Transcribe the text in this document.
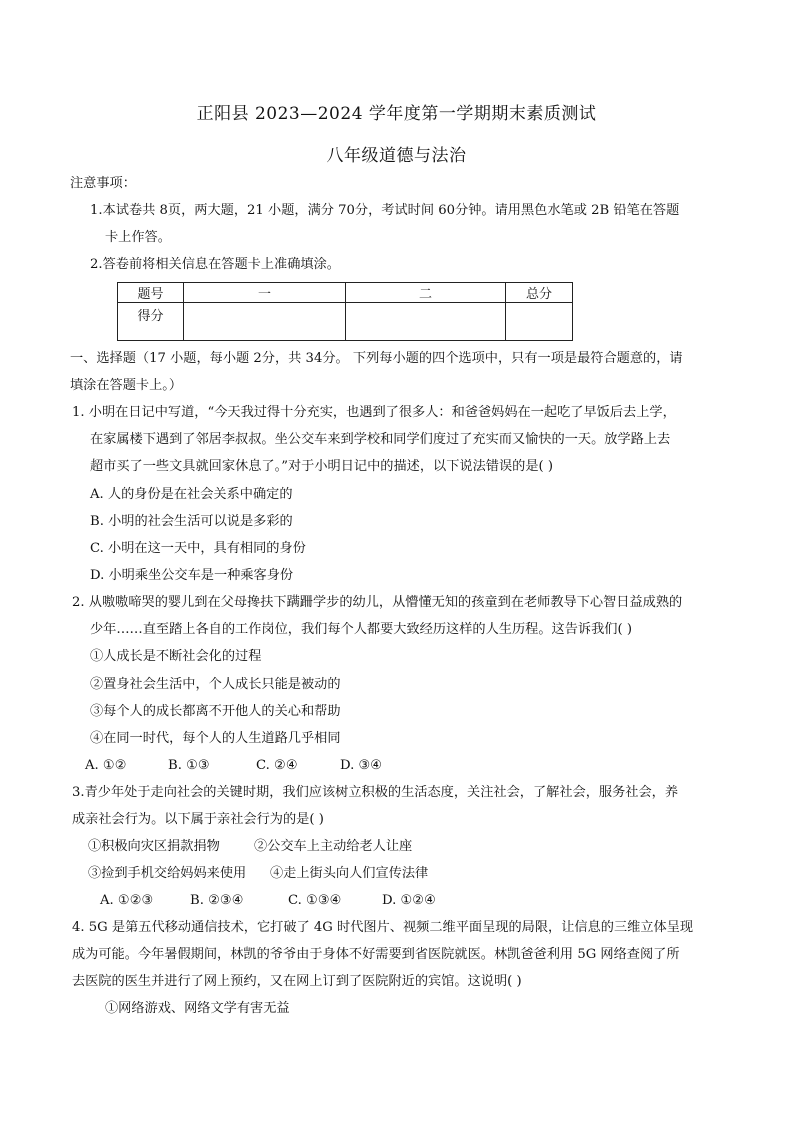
正阳县 2023—2024 学年度第一学期期末素质测试
八年级道德与法治
注意事项：
1.本试卷共 8页，两大题，21 小题，满分 70分，考试时间 60分钟。请用黑色水笔或 2B 铅笔在答题
卡上作答。
2.答卷前将相关信息在答题卡上准确填涂。
题号	一	二	总分
得分			
一、选择题（17 小题，每小题 2分，共 34分。 下列每小题的四个选项中，只有一项是最符合题意的，请
填涂在答题卡上。）
1. 小明在日记中写道，“今天我过得十分充实，也遇到了很多人：和爸爸妈妈在一起吃了早饭后去上学，
在家属楼下遇到了邻居李叔叔。坐公交车来到学校和同学们度过了充实而又愉快的一天。放学路上去
超市买了一些文具就回家休息了。”对于小明日记中的描述，以下说法错误的是( )
A. 人的身份是在社会关系中确定的
B. 小明的社会生活可以说是多彩的
C. 小明在这一天中，具有相同的身份
D. 小明乘坐公交车是一种乘客身份
2. 从嗷嗷啼哭的婴儿到在父母搀扶下蹒跚学步的幼儿，从懵懂无知的孩童到在老师教导下心智日益成熟的
少年……直至踏上各自的工作岗位，我们每个人都要大致经历这样的人生历程。这告诉我们( )
①人成长是不断社会化的过程
②置身社会生活中，个人成长只能是被动的
③每个人的成长都离不开他人的关心和帮助
④在同一时代，每个人的人生道路几乎相同
A. ①②	B. ①③	C. ②④	D. ③④
3.青少年处于走向社会的关键时期，我们应该树立积极的生活态度，关注社会，了解社会，服务社会，养
成亲社会行为。以下属于亲社会行为的是( )
①积极向灾区捐款捐物	②公交车上主动给老人让座
③捡到手机交给妈妈来使用 ④走上街头向人们宣传法律
A. ①②③	B. ②③④	C. ①③④	D. ①②④
4. 5G 是第五代移动通信技术，它打破了 4G 时代图片、视频二维平面呈现的局限，让信息的三维立体呈现
成为可能。今年暑假期间，林凯的爷爷由于身体不好需要到省医院就医。林凯爸爸利用 5G 网络查阅了所
去医院的医生并进行了网上预约，又在网上订到了医院附近的宾馆。这说明( )
①网络游戏、网络文学有害无益
